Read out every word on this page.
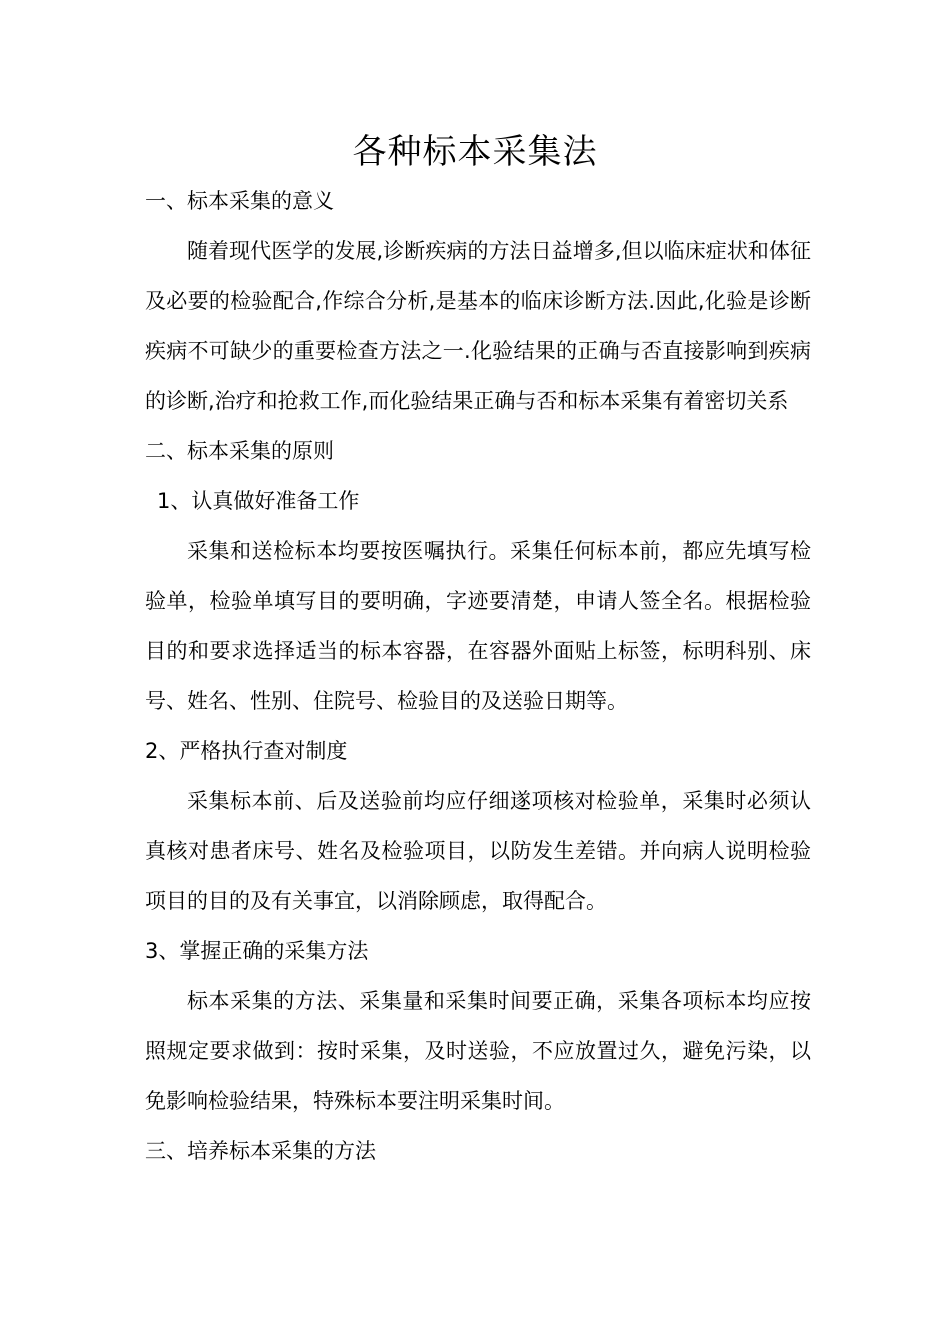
各种标本采集法
一、标本采集的意义
随着现代医学的发展,诊断疾病的方法日益增多,但以临床症状和体征及必要的检验配合,作综合分析,是基本的临床诊断方法.因此,化验是诊断疾病不可缺少的重要检查方法之一.化验结果的正确与否直接影响到疾病的诊断,治疗和抢救工作,而化验结果正确与否和标本采集有着密切关系
二、标本采集的原则
1、认真做好准备工作
采集和送检标本均要按医嘱执行。采集任何标本前，都应先填写检验单，检验单填写目的要明确，字迹要清楚，申请人签全名。根据检验目的和要求选择适当的标本容器，在容器外面贴上标签，标明科别、床号、姓名、性别、住院号、检验目的及送验日期等。
2、严格执行查对制度
采集标本前、后及送验前均应仔细遂项核对检验单，采集时必须认真核对患者床号、姓名及检验项目，以防发生差错。并向病人说明检验项目的目的及有关事宜，以消除顾虑，取得配合。
3、掌握正确的采集方法
标本采集的方法、采集量和采集时间要正确，采集各项标本均应按照规定要求做到：按时采集，及时送验，不应放置过久，避免污染，以免影响检验结果，特殊标本要注明采集时间。
三、培养标本采集的方法
